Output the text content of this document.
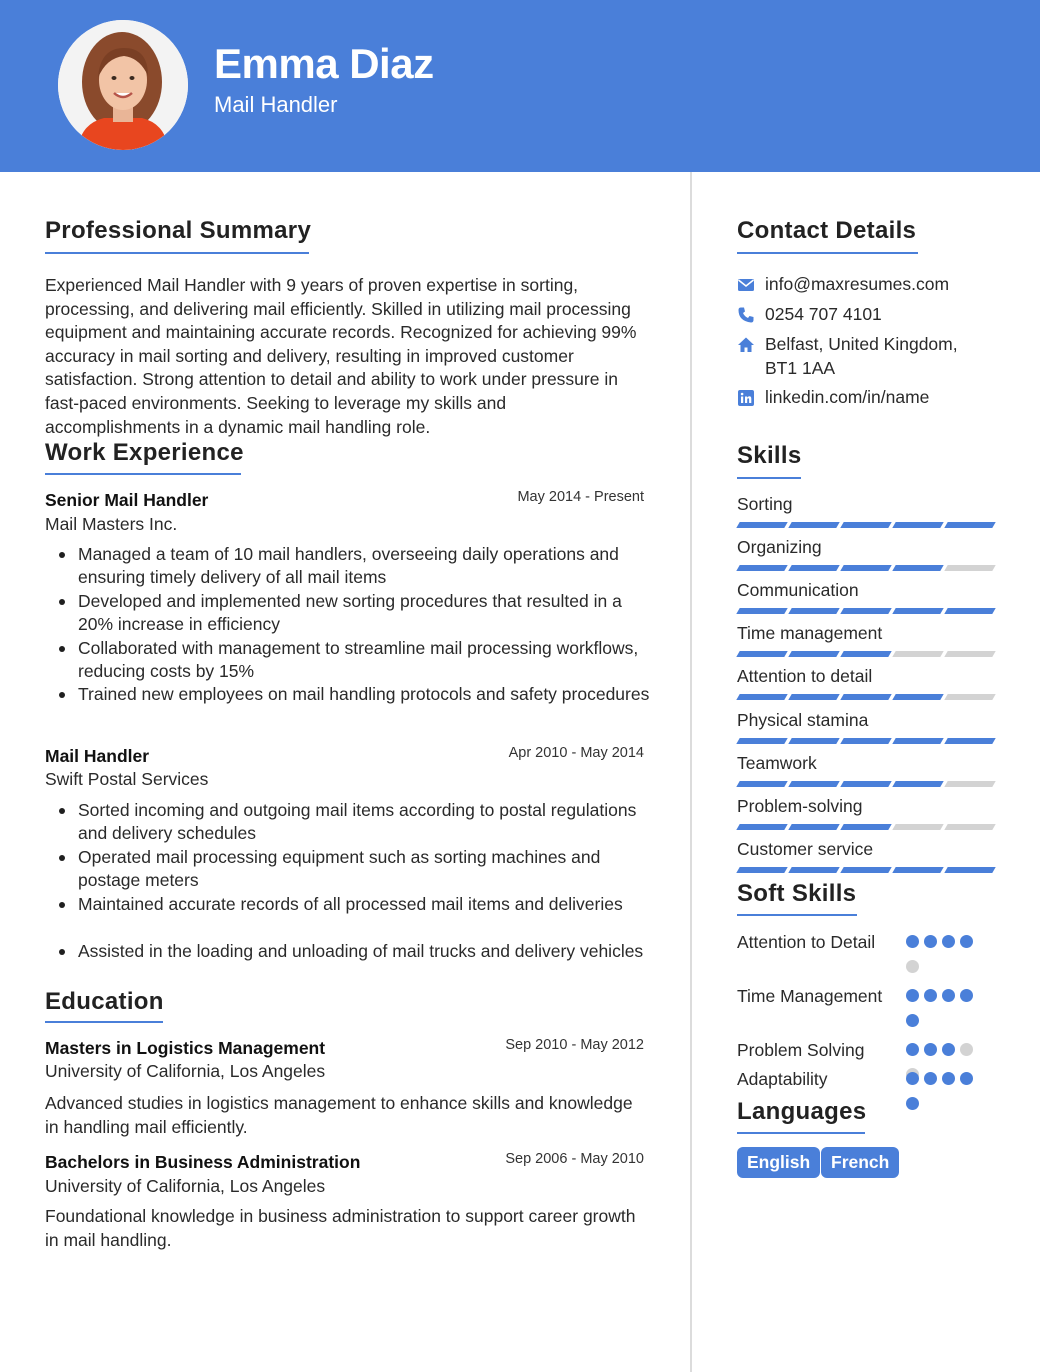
Emma Diaz
Mail Handler
Professional Summary
Experienced Mail Handler with 9 years of proven expertise in sorting, processing, and delivering mail efficiently. Skilled in utilizing mail processing equipment and maintaining accurate records. Recognized for achieving 99% accuracy in mail sorting and delivery, resulting in improved customer satisfaction. Strong attention to detail and ability to work under pressure in fast-paced environments. Seeking to leverage my skills and accomplishments in a dynamic mail handling role.
Work Experience
Senior Mail Handler	May 2014 - Present
Mail Masters Inc.
Managed a team of 10 mail handlers, overseeing daily operations and ensuring timely delivery of all mail items
Developed and implemented new sorting procedures that resulted in a 20% increase in efficiency
Collaborated with management to streamline mail processing workflows, reducing costs by 15%
Trained new employees on mail handling protocols and safety procedures
Mail Handler	Apr 2010 - May 2014
Swift Postal Services
Sorted incoming and outgoing mail items according to postal regulations and delivery schedules
Operated mail processing equipment such as sorting machines and postage meters
Maintained accurate records of all processed mail items and deliveries
Assisted in the loading and unloading of mail trucks and delivery vehicles
Education
Masters in Logistics Management	Sep 2010 - May 2012
University of California, Los Angeles
Advanced studies in logistics management to enhance skills and knowledge in handling mail efficiently.
Bachelors in Business Administration	Sep 2006 - May 2010
University of California, Los Angeles
Foundational knowledge in business administration to support career growth in mail handling.
Contact Details
info@maxresumes.com
0254 707 4101
Belfast, United Kingdom, BT1 1AA
linkedin.com/in/name
Skills
Sorting
Organizing
Communication
Time management
Attention to detail
Physical stamina
Teamwork
Problem-solving
Customer service
Soft Skills
Attention to Detail
Time Management
Problem Solving
Adaptability
Languages
English	French
